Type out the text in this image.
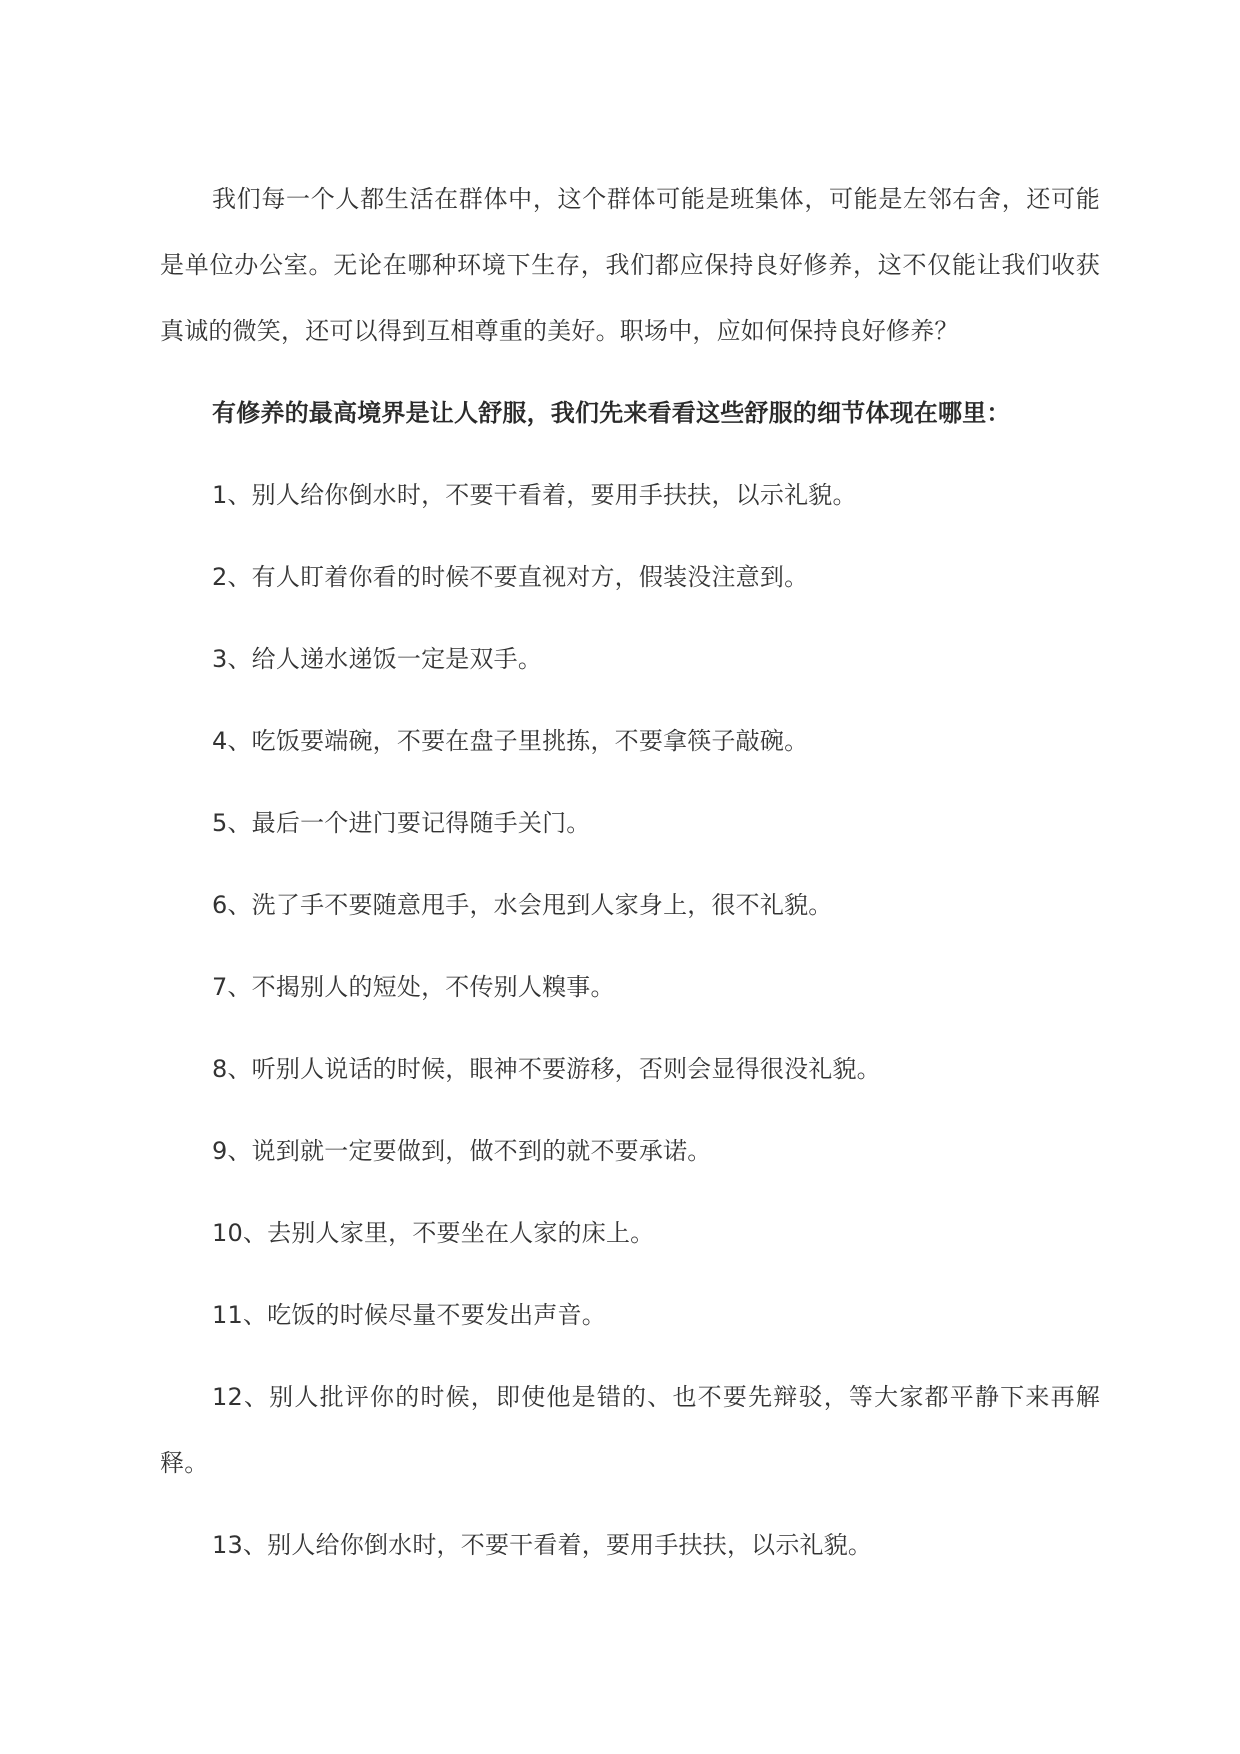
我们每一个人都生活在群体中，这个群体可能是班集体，可能是左邻右舍，还可能是单位办公室。无论在哪种环境下生存，我们都应保持良好修养，这不仅能让我们收获真诚的微笑，还可以得到互相尊重的美好。职场中，应如何保持良好修养？

有修养的最高境界是让人舒服，我们先来看看这些舒服的细节体现在哪里：

1、别人给你倒水时，不要干看着，要用手扶扶，以示礼貌。

2、有人盯着你看的时候不要直视对方，假装没注意到。

3、给人递水递饭一定是双手。

4、吃饭要端碗，不要在盘子里挑拣，不要拿筷子敲碗。

5、最后一个进门要记得随手关门。

6、洗了手不要随意甩手，水会甩到人家身上，很不礼貌。

7、不揭别人的短处，不传别人糗事。

8、听别人说话的时候，眼神不要游移，否则会显得很没礼貌。

9、说到就一定要做到，做不到的就不要承诺。

10、去别人家里，不要坐在人家的床上。

11、吃饭的时候尽量不要发出声音。

12、别人批评你的时候，即使他是错的、也不要先辩驳，等大家都平静下来再解释。

13、别人给你倒水时，不要干看着，要用手扶扶，以示礼貌。
